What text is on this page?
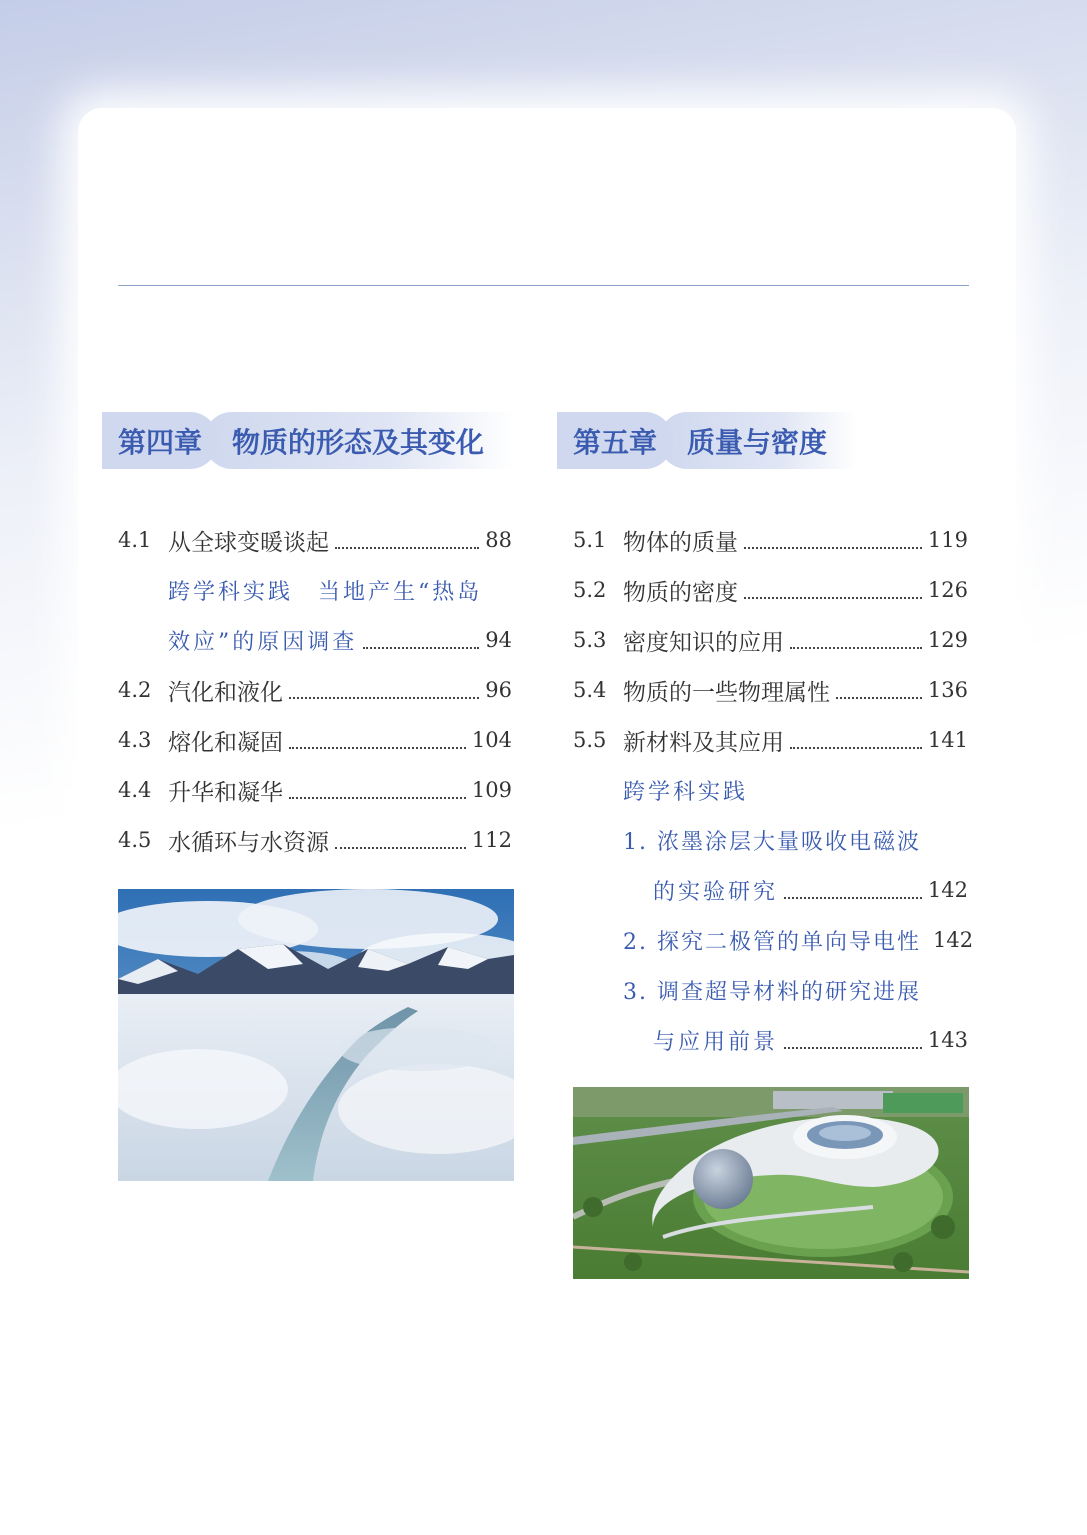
第四章	物质的形态及其变化
4.1 从全球变暖谈起	88
跨学科实践　当地产生“热岛
效应”的原因调查	94
4.2 汽化和液化	96
4.3 熔化和凝固	104
4.4 升华和凝华	109
4.5 水循环与水资源	112
第五章	质量与密度
5.1 物体的质量	119
5.2 物质的密度	126
5.3 密度知识的应用	129
5.4 物质的一些物理属性	136
5.5 新材料及其应用	141
跨学科实践
1. 浓墨涂层大量吸收电磁波
的实验研究	142
2. 探究二极管的单向导电性 142
3. 调查超导材料的研究进展
与应用前景	143
